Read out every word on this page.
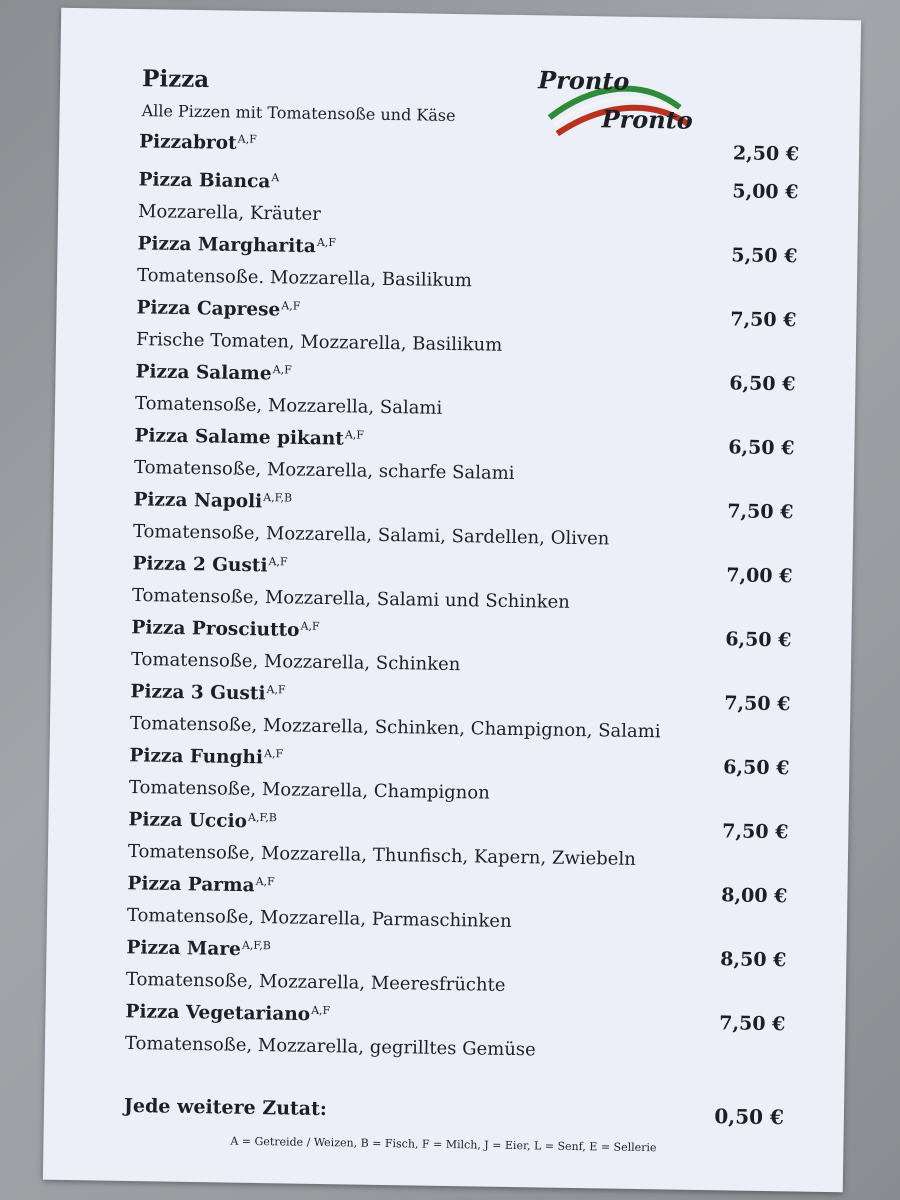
Pizza
Alle Pizzen mit Tomatensoße und Käse
Pronto
Pronto
Pizzabrot$^{A,F}$
2,50 €
Pizza Bianca$^A$
5,00 €
Mozzarella, Kräuter
Pizza Margharita$^{A,F}$
5,50 €
Tomatensoße. Mozzarella, Basilikum
Pizza Caprese$^{A,F}$
7,50 €
Frische Tomaten, Mozzarella, Basilikum
Pizza Salame$^{A,F}$
6,50 €
Tomatensoße, Mozzarella, Salami
Pizza Salame pikant$^{A,F}$
6,50 €
Tomatensoße, Mozzarella, scharfe Salami
Pizza Napoli$^{A,F,B}$
7,50 €
Tomatensoße, Mozzarella, Salami, Sardellen, Oliven
Pizza 2 Gusti$^{A,F}$
7,00 €
Tomatensoße, Mozzarella, Salami und Schinken
Pizza Prosciutto$^{A,F}$
6,50 €
Tomatensoße, Mozzarella, Schinken
Pizza 3 Gusti$^{A,F}$
7,50 €
Tomatensoße, Mozzarella, Schinken, Champignon, Salami
Pizza Funghi$^{A,F}$
6,50 €
Tomatensoße, Mozzarella, Champignon
Pizza Uccio$^{A,F,B}$
7,50 €
Tomatensoße, Mozzarella, Thunfisch, Kapern, Zwiebeln
Pizza Parma$^{A,F}$
8,00 €
Tomatensoße, Mozzarella, Parmaschinken
Pizza Mare$^{A,F,B}$
8,50 €
Tomatensoße, Mozzarella, Meeresfrüchte
Pizza Vegetariano$^{A,F}$
7,50 €
Tomatensoße, Mozzarella, gegrilltes Gemüse
Jede weitere Zutat:	0,50 €
A = Getreide / Weizen, B = Fisch, F = Milch, J = Eier, L = Senf, E = Sellerie
